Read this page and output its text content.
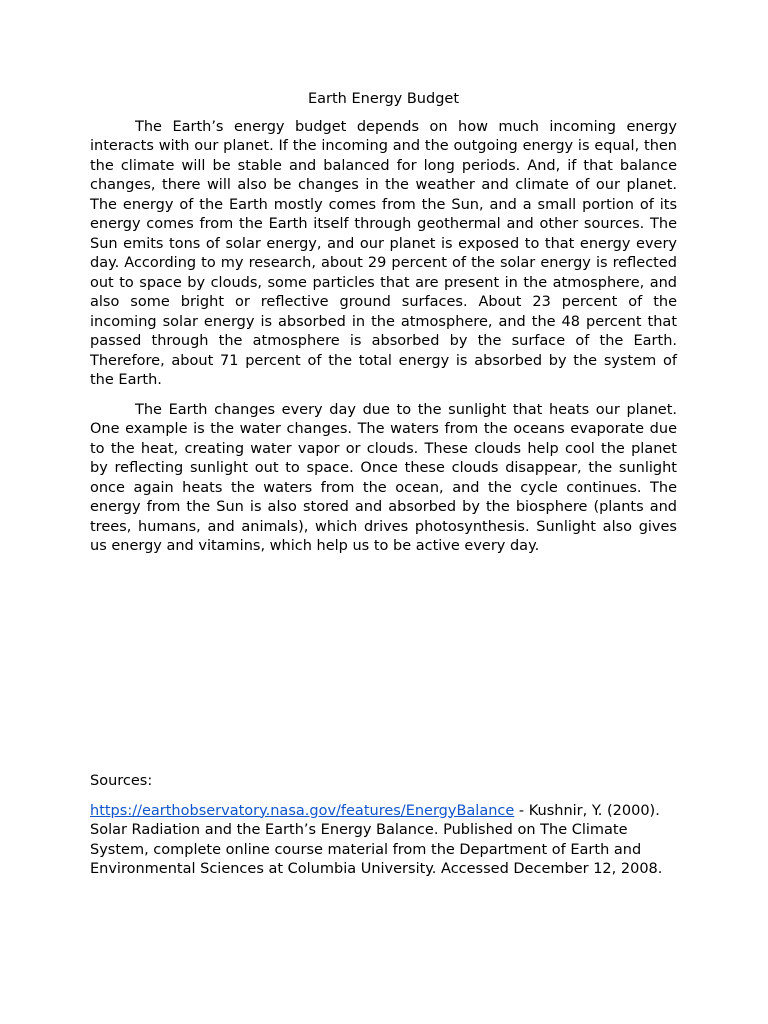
Earth Energy Budget

The Earth’s energy budget depends on how much incoming energy interacts with our planet. If the incoming and the outgoing energy is equal, then the climate will be stable and balanced for long periods. And, if that balance changes, there will also be changes in the weather and climate of our planet. The energy of the Earth mostly comes from the Sun, and a small portion of its energy comes from the Earth itself through geothermal and other sources. The Sun emits tons of solar energy, and our planet is exposed to that energy every day. According to my research, about 29 percent of the solar energy is reflected out to space by clouds, some particles that are present in the atmosphere, and also some bright or reflective ground surfaces. About 23 percent of the incoming solar energy is absorbed in the atmosphere, and the 48 percent that passed through the atmosphere is absorbed by the surface of the Earth. Therefore, about 71 percent of the total energy is absorbed by the system of the Earth.

The Earth changes every day due to the sunlight that heats our planet. One example is the water changes. The waters from the oceans evaporate due to the heat, creating water vapor or clouds. These clouds help cool the planet by reflecting sunlight out to space. Once these clouds disappear, the sunlight once again heats the waters from the ocean, and the cycle continues. The energy from the Sun is also stored and absorbed by the biosphere (plants and trees, humans, and animals), which drives photosynthesis. Sunlight also gives us energy and vitamins, which help us to be active every day.

Sources:

https://earthobservatory.nasa.gov/features/EnergyBalance - Kushnir, Y. (2000). Solar Radiation and the Earth’s Energy Balance. Published on The Climate System, complete online course material from the Department of Earth and Environmental Sciences at Columbia University. Accessed December 12, 2008.
